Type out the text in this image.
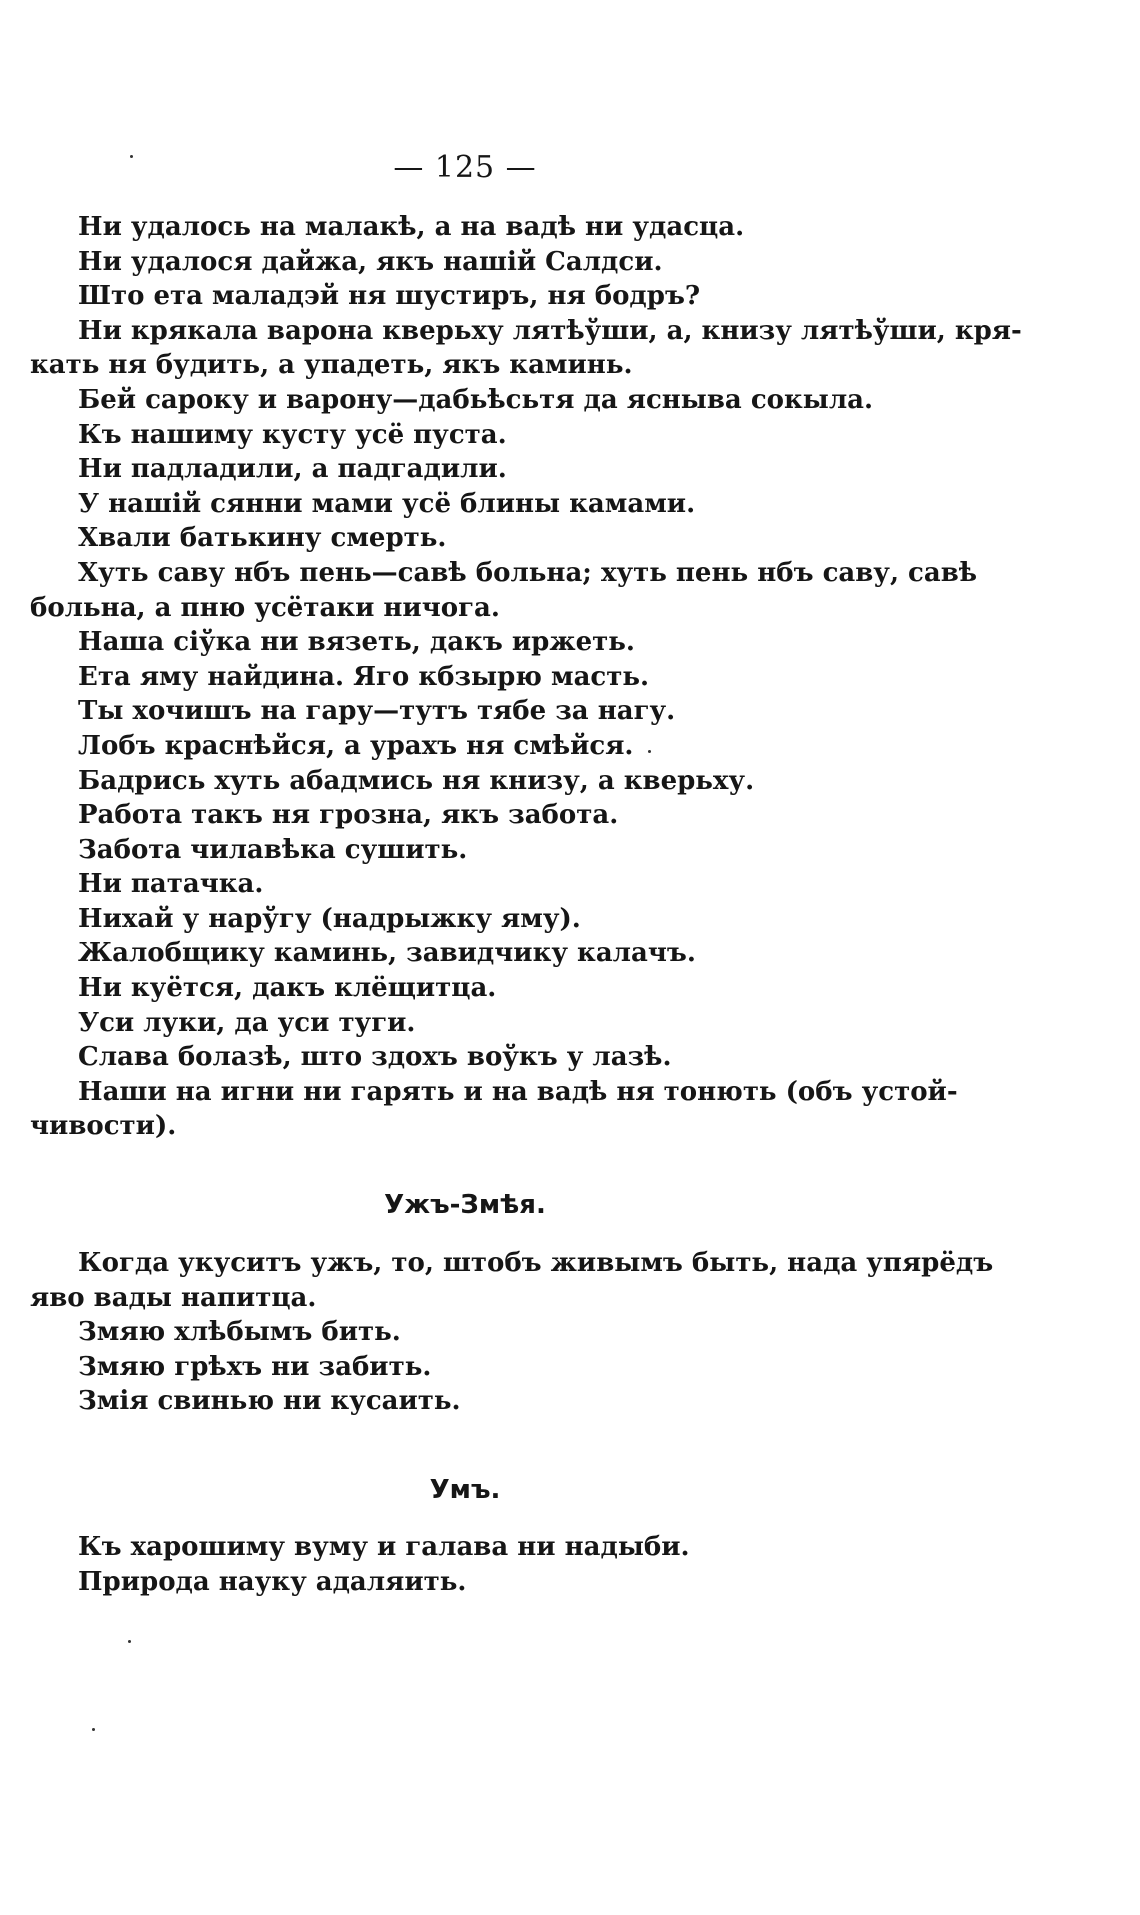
— 125 —
Ни удалось на малакѣ, а на вадѣ ни удасца.
Ни удалося дайжа, якъ нашій Салдси.
Што ета маладэй ня шустиръ, ня бодръ?
Ни крякала варона кверьху лятѣўши, а, книзу лятѣўши, кря-
кать ня будить, а упадеть, якъ каминь.
Бей сароку и варону—дабьѣсьтя да яснывa сокыла.
Къ нашиму кусту усё пуста.
Ни падладили, а падгадили.
У нашій сянни мами усё блины камами.
Хвали батькину смерть.
Хуть саву нбъ пень—савѣ больна; хуть пень нбъ саву, савѣ
больна, а пню усётаки ничога.
Наша сіўка ни вязеть, дакъ иржеть.
Ета яму найдина. Яго кбзырю масть.
Ты хочишъ на гару—тутъ тябе за нагу.
Лобъ краснѣйся, а урахъ ня смѣйся.
Бадрись хуть абадмись ня книзу, а кверьху.
Работа такъ ня грозна, якъ забота.
Забота чилавѣка сушить.
Ни патачка.
Нихай у нарўгу (надрыжку яму).
Жалобщику каминь, завидчику калачъ.
Ни куётся, дакъ клёщитца.
Уси луки, да уси туги.
Слава болазѣ, што здохъ воўкъ у лазѣ.
Наши на игни ни гарять и на вадѣ ня тонють (объ устой-
чивости).
Ужъ-Змѣя.
Когда укуситъ ужъ, то, штобъ живымъ быть, нада упярёдъ
яво вады напитца.
Змяю хлѣбымъ бить.
Змяю грѣхъ ни забить.
Змія свинью ни кусаить.
Умъ.
Къ харошиму вуму и галава ни надыби.
Природа науку адаляить.
